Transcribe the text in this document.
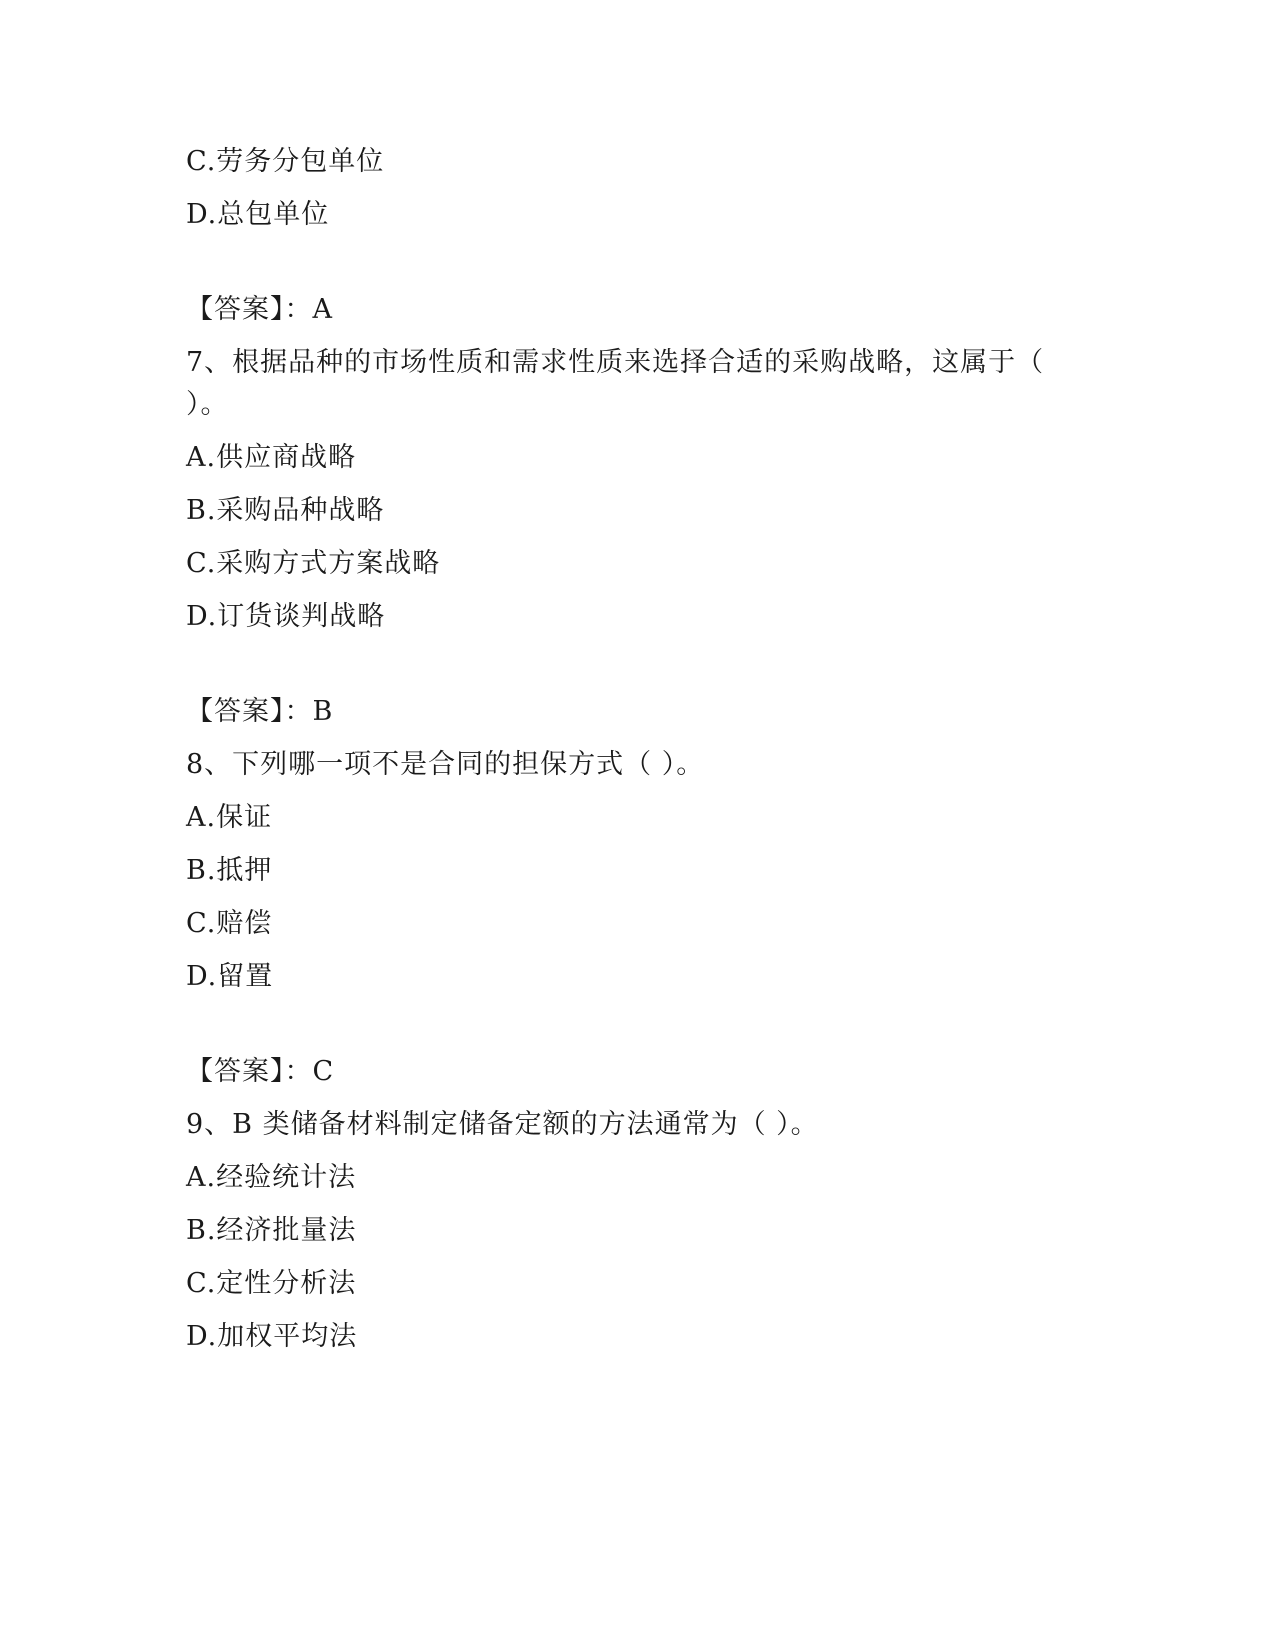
C.劳务分包单位

D.总包单位

【答案】：A

7、根据品种的市场性质和需求性质来选择合适的采购战略，这属于（

）。

A.供应商战略

B.采购品种战略

C.采购方式方案战略

D.订货谈判战略

【答案】：B

8、下列哪一项不是合同的担保方式（ ）。

A.保证

B.抵押

C.赔偿

D.留置

【答案】：C

9、B 类储备材料制定储备定额的方法通常为（ ）。

A.经验统计法

B.经济批量法

C.定性分析法

D.加权平均法
